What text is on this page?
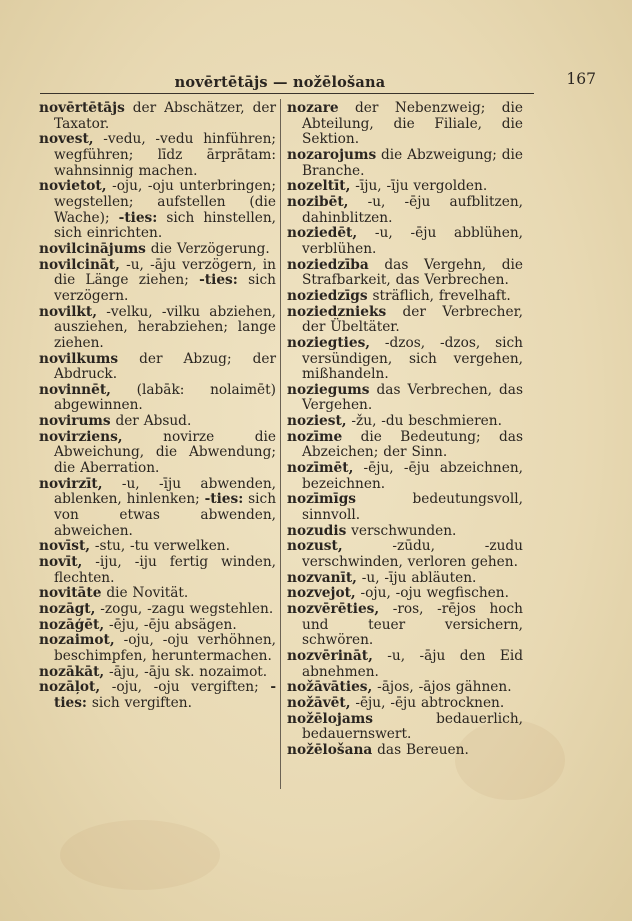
novērtētājs — nožēlošana	167

novērtētājs der Abschätzer, der Taxator.

novest, -vedu, -vedu hinführen; wegführen; līdz ārprātam: wahnsinnig machen.

novietot, -oju, -oju unterbringen; wegstellen; aufstellen (die Wache); -ties: sich hinstellen, sich einrichten.

novilcinājums die Verzögerung.

novilcināt, -u, -āju verzögern, in die Länge ziehen; -ties: sich verzögern.

novilkt, -velku, -vilku abziehen, ausziehen, herabziehen; lange ziehen.

novilkums der Abzug; der Abdruck.

novinnēt, (labāk: nolaimēt) abgewinnen.

novirums der Absud.

novirziens, novirze die Abweichung, die Abwendung; die Aberration.

novirzīt, -u, -īju abwenden, ablenken, hinlenken; -ties: sich von etwas abwenden, abweichen.

novīst, -stu, -tu verwelken.

novīt, -iju, -iju fertig winden, flechten.

novitāte die Novität.

nozāgt, -zogu, -zagu wegstehlen.

nozāģēt, -ēju, -ēju absägen.

nozaimot, -oju, -oju verhöhnen, beschimpfen, heruntermachen.

nozākāt, -āju, -āju sk. nozaimot.

nozāļot, -oju, -oju vergiften; -ties: sich vergiften.

nozare der Nebenzweig; die Abteilung, die Filiale, die Sektion.

nozarojums die Abzweigung; die Branche.

nozeltīt, -īju, -īju vergolden.

nozibēt, -u, -ēju aufblitzen, dahinblitzen.

noziedēt, -u, -ēju abblühen, verblühen.

noziedzība das Vergehn, die Strafbarkeit, das Verbrechen.

noziedzīgs sträflich, frevelhaft.

noziedznieks der Verbrecher, der Übeltäter.

noziegties, -dzos, -dzos, sich versündigen, sich vergehen, mißhandeln.

noziegums das Verbrechen, das Vergehen.

noziest, -žu, -du beschmieren.

nozīme die Bedeutung; das Abzeichen; der Sinn.

nozīmēt, -ēju, -ēju abzeichnen, bezeichnen.

nozīmīgs bedeutungsvoll, sinnvoll.

nozudis verschwunden.

nozust, -zūdu, -zudu verschwinden, verloren gehen.

nozvanīt, -u, -īju abläuten.

nozvejot, -oju, -oju wegfischen.

nozvērēties, -ros, -rējos hoch und teuer versichern, schwören.

nozvērināt, -u, -āju den Eid abnehmen.

nožāvāties, -ājos, -ājos gähnen.

nožāvēt, -ēju, -ēju abtrocknen.

nožēlojams bedauerlich, bedauernswert.

nožēlošana das Bereuen.
